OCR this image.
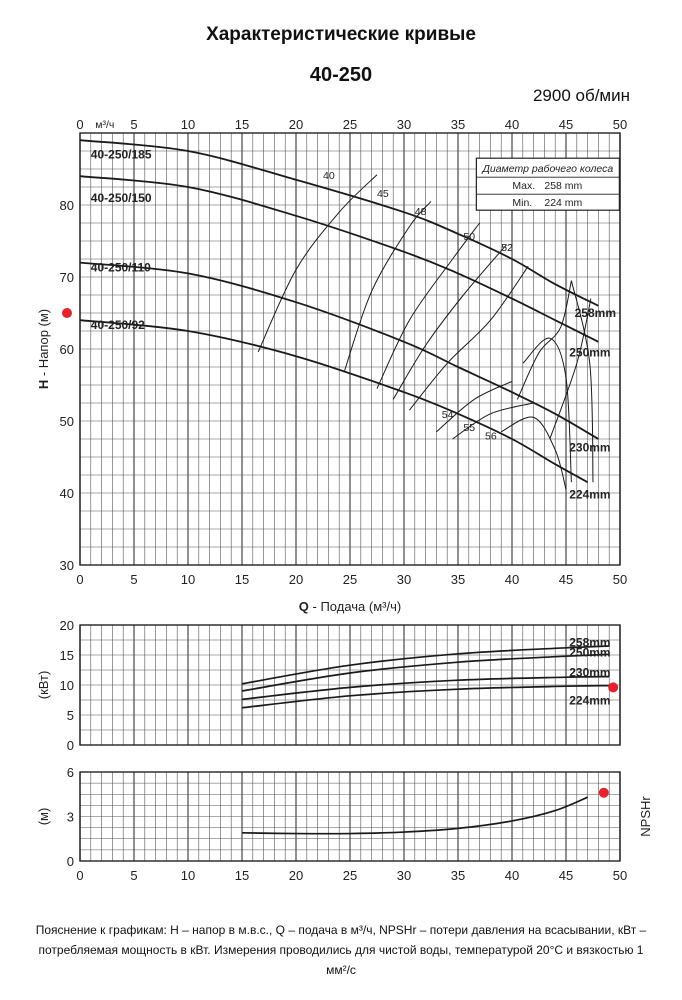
Характеристические кривые
40-250
2900 об/мин
0
0
5
5
10
10
15
15
20
20
25
25
30
30
35
35
40
40
45
45
50
50
м³/ч
30
40
50
60
70
80
Q - Подача (м³/ч)
H - Напор (м)
40-250/185
40-250/150
40-250/110
40-250/92
258mm
250mm
230mm
224mm
40
45
48
50
52
54
55
56
Диаметр рабочего колеса
Max. 258 mm
Min. 224 mm
0
5
10
15
20
(кВт)
258mm
250mm
230mm
224mm
0
3
6
0	5	10	15	20	25	30	35	40	45	50
(м)	NPSHr
Пояснение к графикам: H – напор в м.в.с., Q – подача в м³/ч, NPSHr – потери давления на всасывании, кВт – потребляемая мощность в кВт. Измерения проводились для чистой воды, температурой 20°C и вязкостью 1 мм²/с
